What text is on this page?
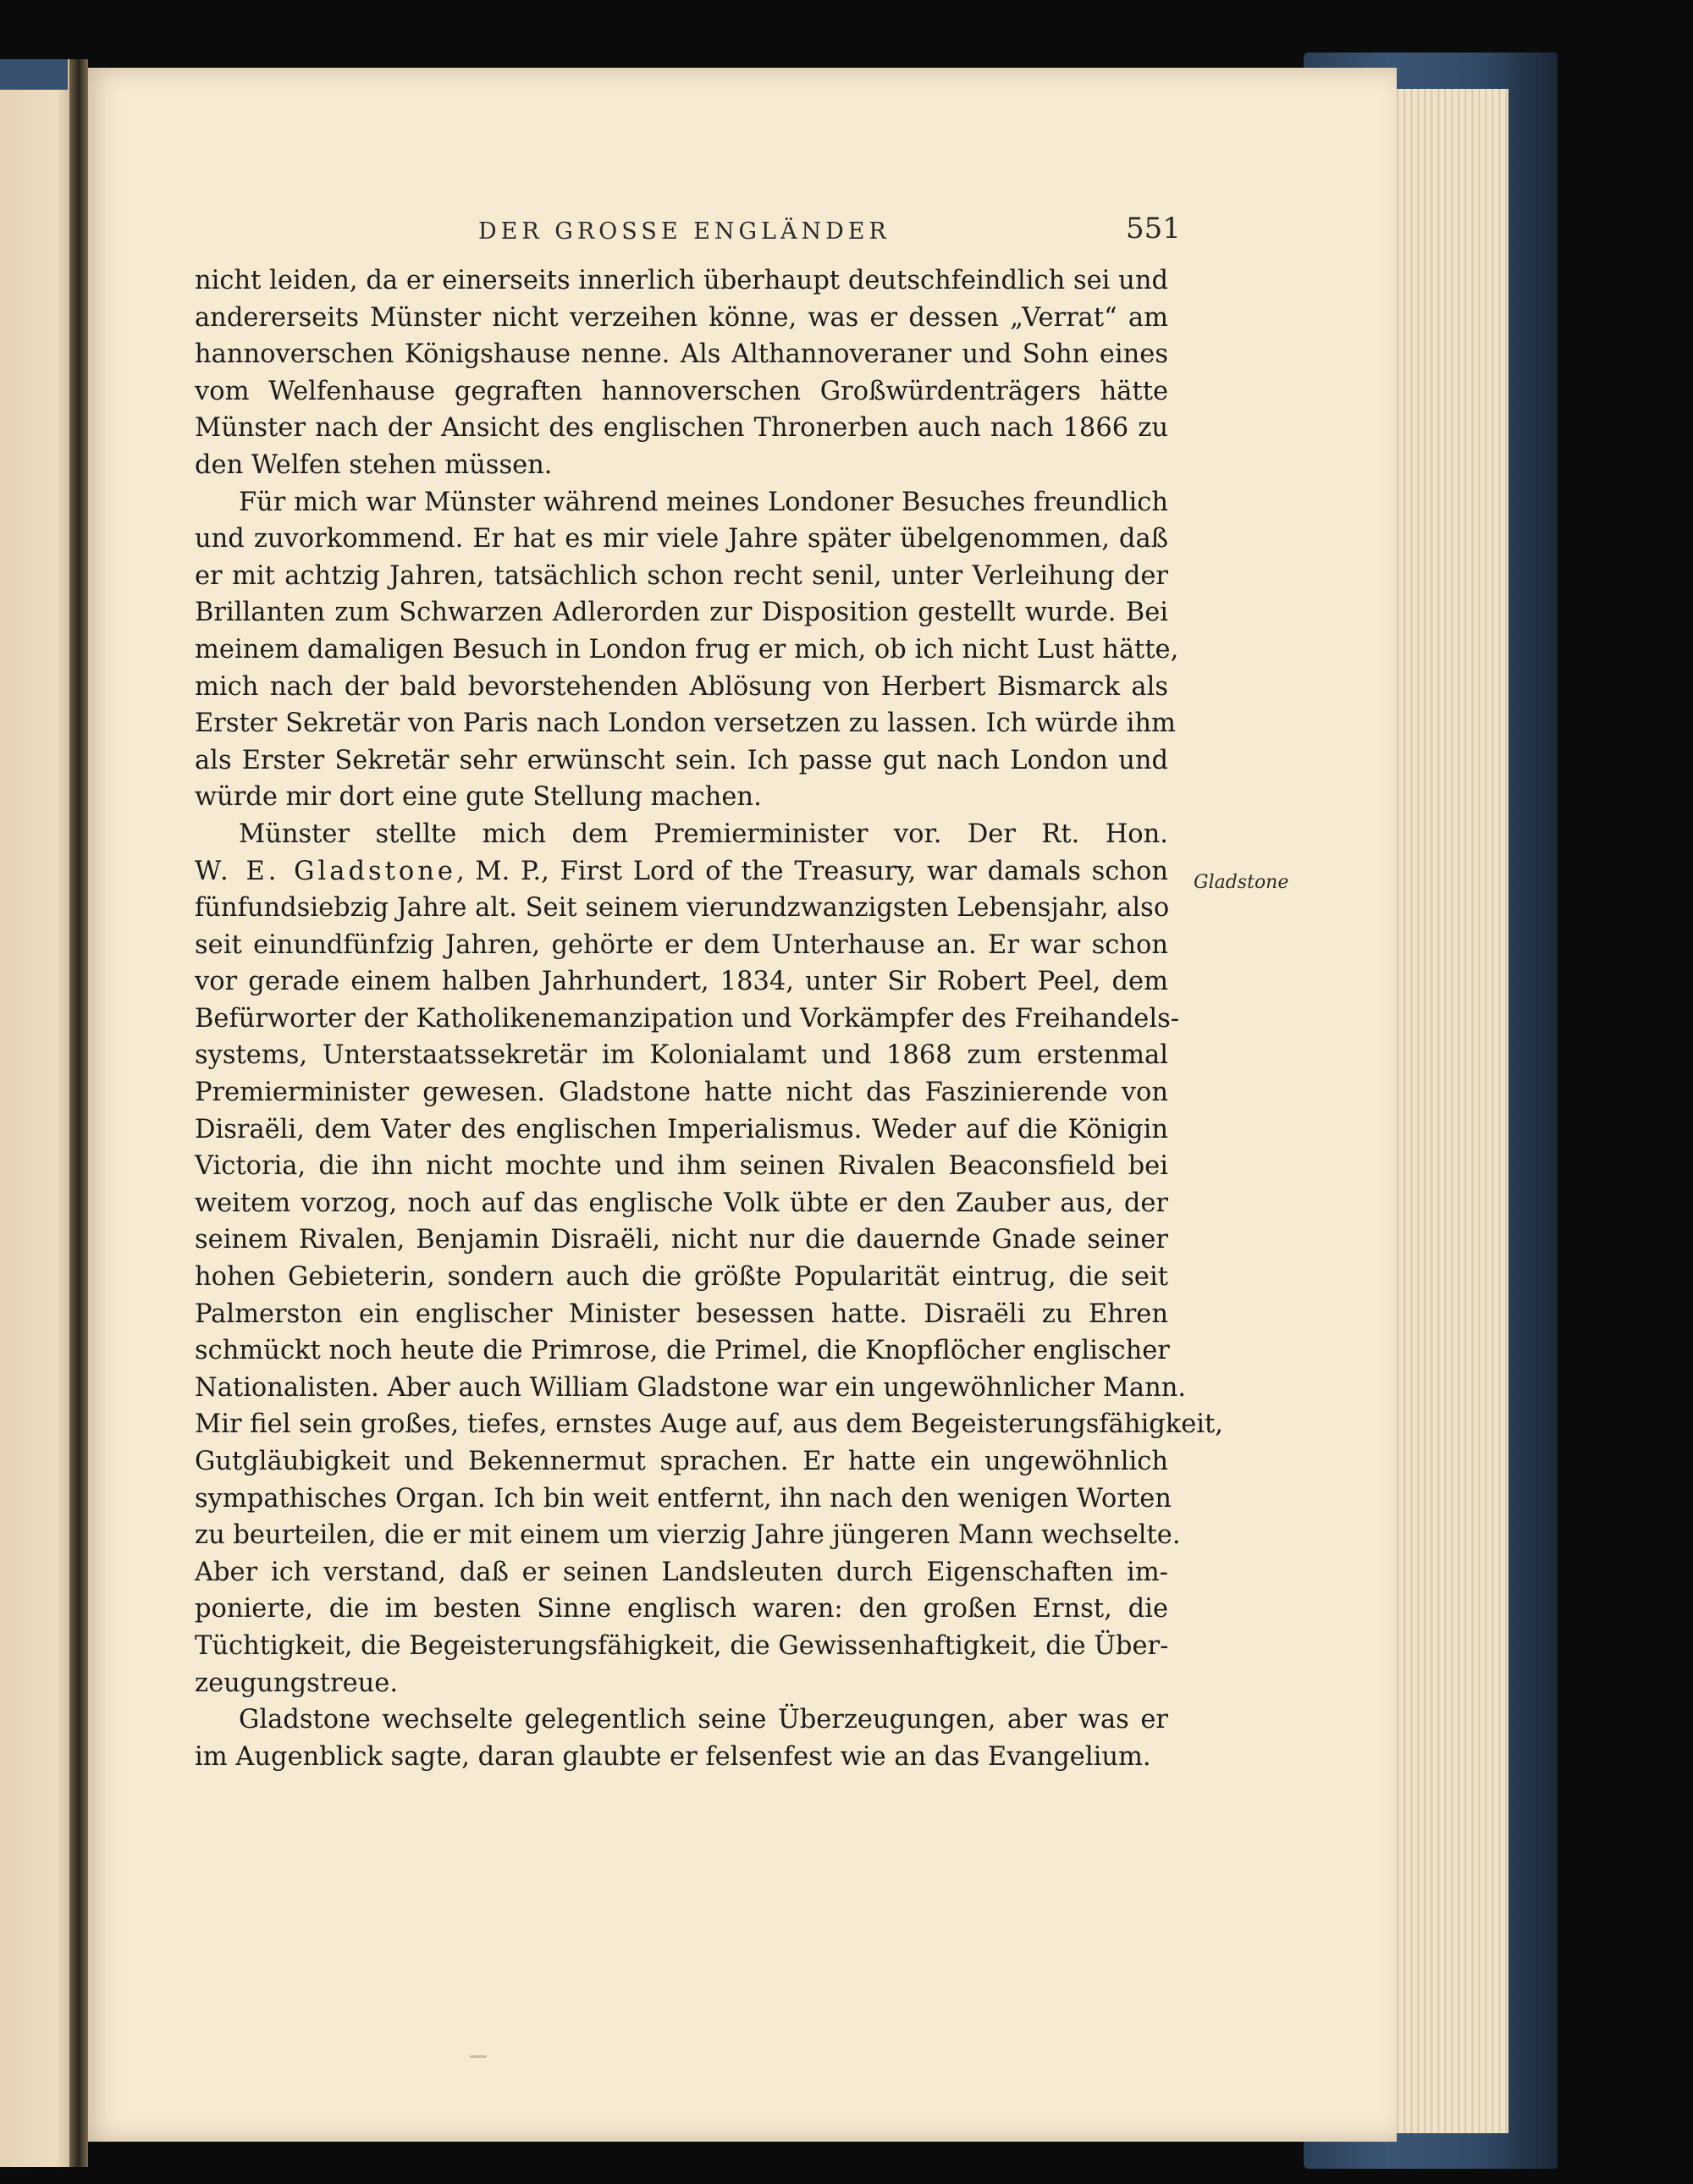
DER GROSSE ENGLÄNDER	551
nicht leiden, da er einerseits innerlich überhaupt deutschfeindlich sei und
andererseits Münster nicht verzeihen könne, was er dessen „Verrat“ am
hannoverschen Königshause nenne. Als Althannoveraner und Sohn eines
vom Welfenhause gegraften hannoverschen Großwürdenträgers hätte
Münster nach der Ansicht des englischen Thronerben auch nach 1866 zu
den Welfen stehen müssen.
Für mich war Münster während meines Londoner Besuches freundlich
und zuvorkommend. Er hat es mir viele Jahre später übelgenommen, daß
er mit achtzig Jahren, tatsächlich schon recht senil, unter Verleihung der
Brillanten zum Schwarzen Adlerorden zur Disposition gestellt wurde. Bei
meinem damaligen Besuch in London frug er mich, ob ich nicht Lust hätte,
mich nach der bald bevorstehenden Ablösung von Herbert Bismarck als
Erster Sekretär von Paris nach London versetzen zu lassen. Ich würde ihm
als Erster Sekretär sehr erwünscht sein. Ich passe gut nach London und
würde mir dort eine gute Stellung machen.
Münster stellte mich dem Premierminister vor. Der Rt. Hon.
W. E. Gladstone, M. P., First Lord of the Treasury, war damals schon
fünfundsiebzig Jahre alt. Seit seinem vierundzwanzigsten Lebensjahr, also
seit einundfünfzig Jahren, gehörte er dem Unterhause an. Er war schon
vor gerade einem halben Jahrhundert, 1834, unter Sir Robert Peel, dem
Befürworter der Katholikenemanzipation und Vorkämpfer des Freihandels-
systems, Unterstaatssekretär im Kolonialamt und 1868 zum erstenmal
Premierminister gewesen. Gladstone hatte nicht das Faszinierende von
Disraëli, dem Vater des englischen Imperialismus. Weder auf die Königin
Victoria, die ihn nicht mochte und ihm seinen Rivalen Beaconsfield bei
weitem vorzog, noch auf das englische Volk übte er den Zauber aus, der
seinem Rivalen, Benjamin Disraëli, nicht nur die dauernde Gnade seiner
hohen Gebieterin, sondern auch die größte Popularität eintrug, die seit
Palmerston ein englischer Minister besessen hatte. Disraëli zu Ehren
schmückt noch heute die Primrose, die Primel, die Knopflöcher englischer
Nationalisten. Aber auch William Gladstone war ein ungewöhnlicher Mann.
Mir fiel sein großes, tiefes, ernstes Auge auf, aus dem Begeisterungsfähigkeit,
Gutgläubigkeit und Bekennermut sprachen. Er hatte ein ungewöhnlich
sympathisches Organ. Ich bin weit entfernt, ihn nach den wenigen Worten
zu beurteilen, die er mit einem um vierzig Jahre jüngeren Mann wechselte.
Aber ich verstand, daß er seinen Landsleuten durch Eigenschaften im-
ponierte, die im besten Sinne englisch waren: den großen Ernst, die
Tüchtigkeit, die Begeisterungsfähigkeit, die Gewissenhaftigkeit, die Über-
zeugungstreue.
Gladstone wechselte gelegentlich seine Überzeugungen, aber was er
im Augenblick sagte, daran glaubte er felsenfest wie an das Evangelium.
Gladstone
